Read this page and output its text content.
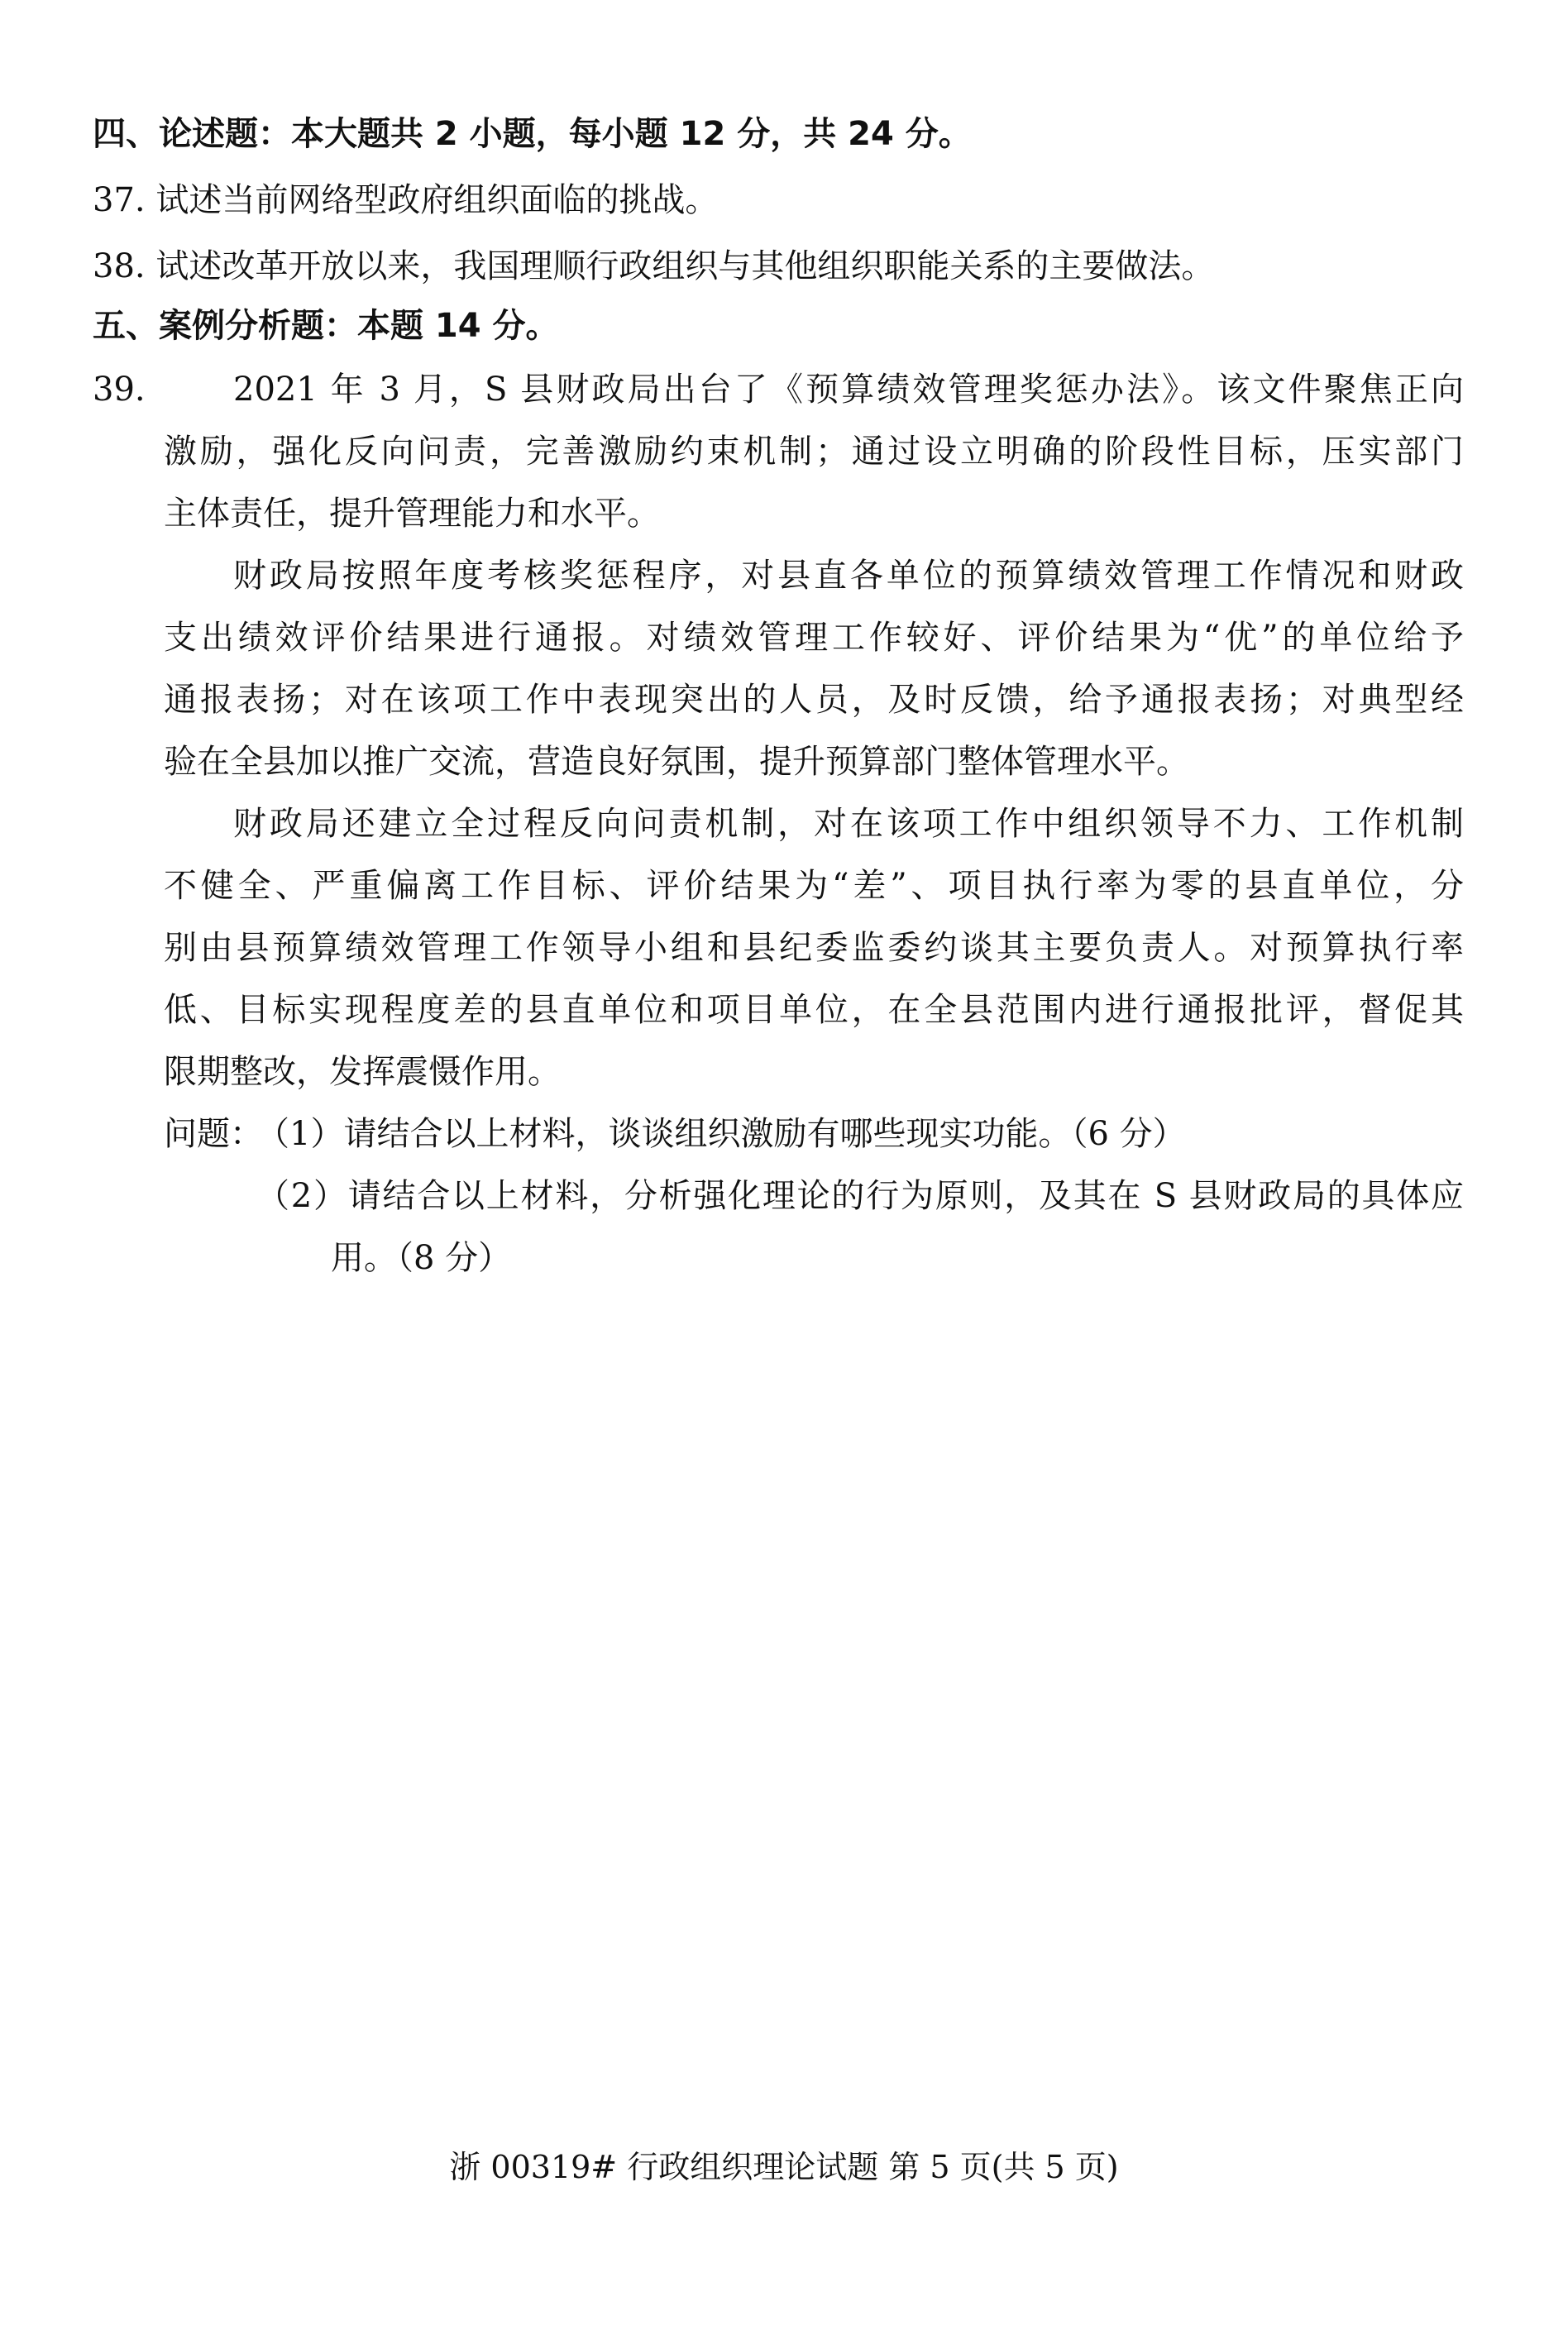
四、论述题：本大题共 2 小题，每小题 12 分，共 24 分。
37. 试述当前网络型政府组织面临的挑战。
38. 试述改革开放以来，我国理顺行政组织与其他组织职能关系的主要做法。
五、案例分析题：本题 14 分。
39.	2021 年 3 月，S 县财政局出台了《预算绩效管理奖惩办法》。该文件聚焦正向
激励，强化反向问责，完善激励约束机制；通过设立明确的阶段性目标，压实部门
主体责任，提升管理能力和水平。
财政局按照年度考核奖惩程序，对县直各单位的预算绩效管理工作情况和财政
支出绩效评价结果进行通报。对绩效管理工作较好、评价结果为“优”的单位给予
通报表扬；对在该项工作中表现突出的人员，及时反馈，给予通报表扬；对典型经
验在全县加以推广交流，营造良好氛围，提升预算部门整体管理水平。
财政局还建立全过程反向问责机制，对在该项工作中组织领导不力、工作机制
不健全、严重偏离工作目标、评价结果为“差”、项目执行率为零的县直单位，分
别由县预算绩效管理工作领导小组和县纪委监委约谈其主要负责人。对预算执行率
低、目标实现程度差的县直单位和项目单位，在全县范围内进行通报批评，督促其
限期整改，发挥震慑作用。
问题：
（1）请结合以上材料，谈谈组织激励有哪些现实功能。（6 分）
（2）请结合以上材料，分析强化理论的行为原则，及其在 S 县财政局的具体应
用。（8 分）
浙 00319# 行政组织理论试题 第 5 页(共 5 页)
